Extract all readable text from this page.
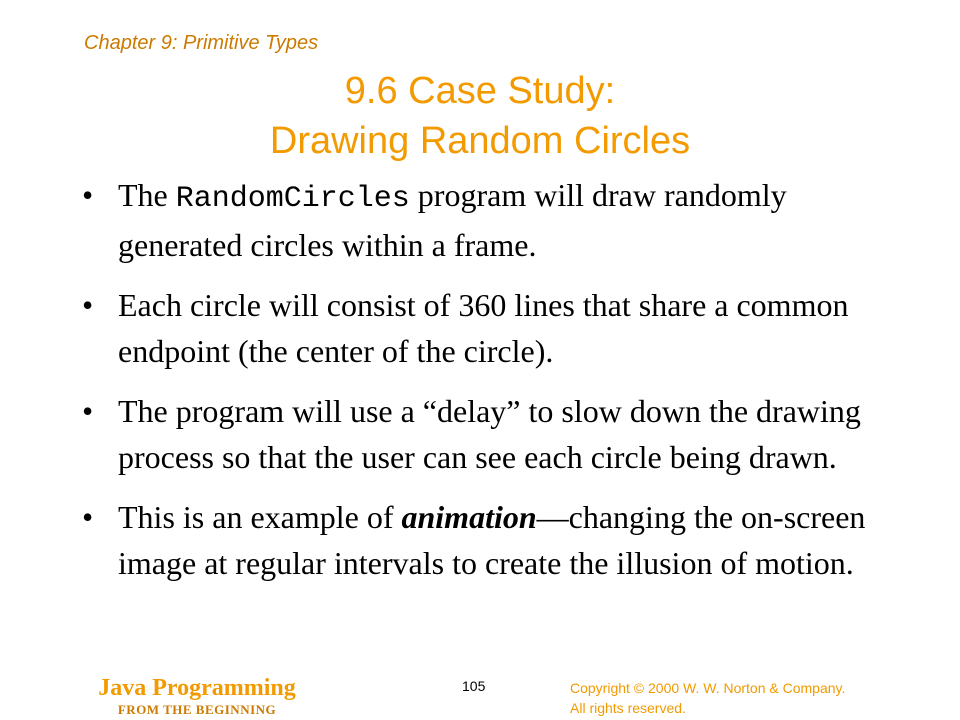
Chapter 9: Primitive Types
9.6 Case Study:
Drawing Random Circles
• The RandomCircles program will draw randomly generated circles within a frame.
• Each circle will consist of 360 lines that share a common endpoint (the center of the circle).
• The program will use a “delay” to slow down the drawing process so that the user can see each circle being drawn.
• This is an example of animation—changing the on-screen image at regular intervals to create the illusion of motion.
Java Programming
FROM THE BEGINNING
105	Copyright © 2000 W. W. Norton & Company.
All rights reserved.
